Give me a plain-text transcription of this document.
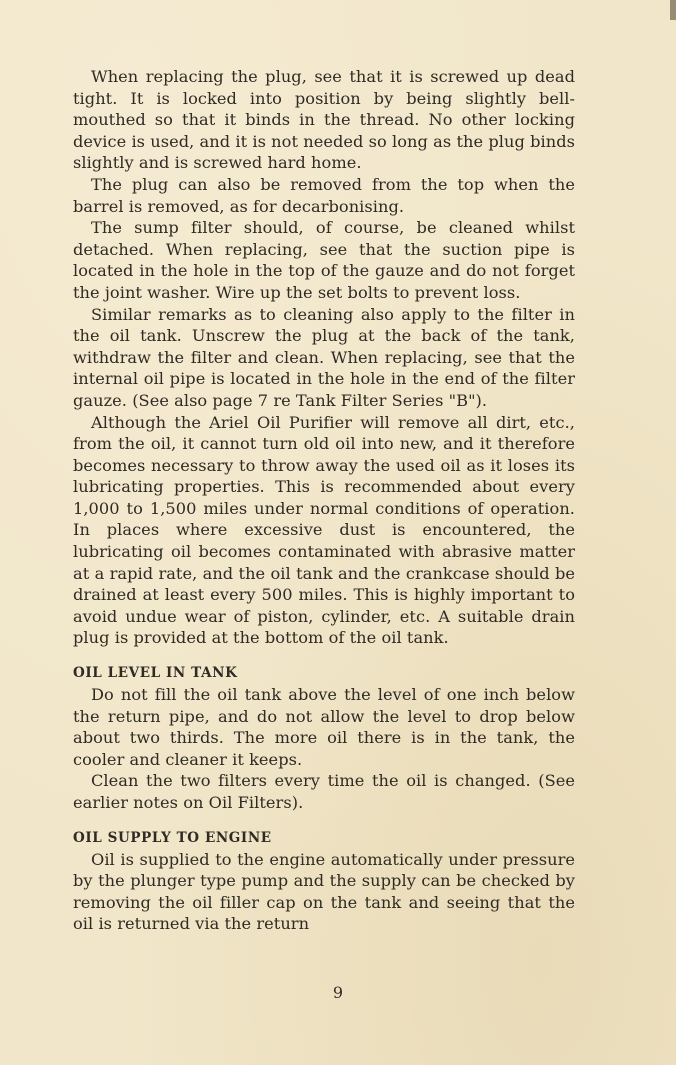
When replacing the plug, see that it is screwed up dead tight. It is locked into position by being slightly bell-mouthed so that it binds in the thread. No other locking device is used, and it is not needed so long as the plug binds slightly and is screwed hard home.

The plug can also be removed from the top when the barrel is removed, as for decarbonising.

The sump filter should, of course, be cleaned whilst detached. When replacing, see that the suction pipe is located in the hole in the top of the gauze and do not forget the joint washer. Wire up the set bolts to prevent loss.

Similar remarks as to cleaning also apply to the filter in the oil tank. Unscrew the plug at the back of the tank, withdraw the filter and clean. When replacing, see that the internal oil pipe is located in the hole in the end of the filter gauze. (See also page 7 re Tank Filter Series "B").

Although the Ariel Oil Purifier will remove all dirt, etc., from the oil, it cannot turn old oil into new, and it therefore becomes necessary to throw away the used oil as it loses its lubricating properties. This is recommended about every 1,000 to 1,500 miles under normal conditions of operation. In places where excessive dust is encountered, the lubricating oil becomes contaminated with abrasive matter at a rapid rate, and the oil tank and the crankcase should be drained at least every 500 miles. This is highly important to avoid undue wear of piston, cylinder, etc. A suitable drain plug is provided at the bottom of the oil tank.

OIL LEVEL IN TANK

Do not fill the oil tank above the level of one inch below the return pipe, and do not allow the level to drop below about two thirds. The more oil there is in the tank, the cooler and cleaner it keeps.

Clean the two filters every time the oil is changed. (See earlier notes on Oil Filters).

OIL SUPPLY TO ENGINE

Oil is supplied to the engine automatically under pressure by the plunger type pump and the supply can be checked by removing the oil filler cap on the tank and seeing that the oil is returned via the return

9
